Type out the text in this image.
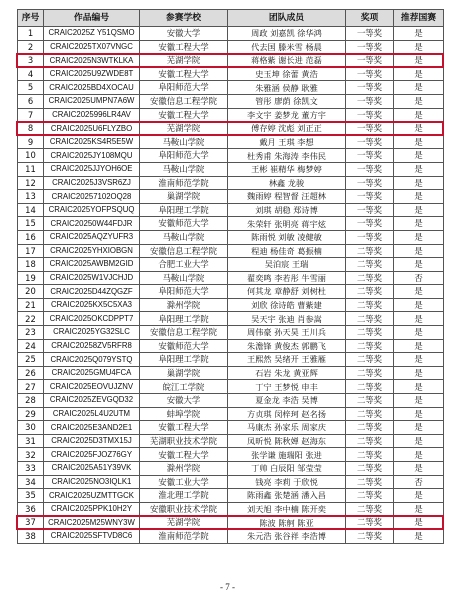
序号	作品编号	参赛学校	团队成员	奖项	推荐国赛
1	CRAIC2025Z Y51QSMO	安徽大学	周政 刘嘉凯 徐华鸿	一等奖	是
2	CRAIC2025TX07VNGC	安徽工程大学	代去国 滕米雪 杨晨	一等奖	是
3	CRAIC2025N3WTKLKA	芜湖学院	蒋格紫 谢长进 范磊	一等奖	是
4	CRAIC2025U9ZWDE8T	安徽工程大学	史玉坤 徐蕾 黄浩	一等奖	是
5	CRAIC2025BD4XOCAU	阜阳师范大学	朱雅涵 侯静 耿雅	一等奖	是
6	CRAIC2025UMPN7A6W	安徽信息工程学院	管彤 廖荫 徐凯文	一等奖	是
7	CRAIC2025996LR4AV	安徽工程大学	李文宇 姜梦龙 董方宇	一等奖	是
8	CRAIC2025U6FLYZBO	芜湖学院	傅存婷 沈彪 刘正正	一等奖	是
9	CRAIC2025KS4R5E5W	马鞍山学院	戴月 王琪 李想	一等奖	是
10	CRAIC2025JY108MQU	阜阳师范大学	杜秀甫 朱海涛 李伟民	一等奖	是
11	CRAIC2025JJYOH6OE	马鞍山学院	王彬 崔精华 梅梦婷	一等奖	是
12	CRAIC2025J3VSR6ZJ	淮南师范学院	林鑫 龙骏	一等奖	是
13	CRAIC20257102OQ28	巢湖学院	魏雨婷 程智督 汪超林	一等奖	是
14	CRAIC2025YOFPSQUQ	阜阳理工学院	刘琪 胡稳 郑诗博	一等奖	是
15	CRAIC20250W44FDJR	安徽师范大学	朱荣轩 张明亮 蒋宇炫	一等奖	是
16	CRAIC2025AQZYUFR3	马鞍山学院	陈雨悦 刘敏 凌健敏	一等奖	是
17	CRAIC2025YHXIOBGN	安徽信息工程学院	程迪 杨佳奇 葛振楠	二等奖	是
18	CRAIC2025AWBM2GID	合肥工业大学	吴泊宸 王瑞	二等奖	是
19	CRAIC2025W1VJCHJD	马鞍山学院	翟奕鸣 李若彤 牛雪丽	二等奖	否
20	CRAIC2025D44ZQGZF	阜阳师范大学	何其龙 章静舒 刘树杜	二等奖	是
21	CRAIC2025KX5C5XA3	滁州学院	刘欣 徐诗皓 曹紫建	二等奖	是
22	CRAIC2025OKCDPPT7	阜阳理工学院	吴天宇 张迪 肖参嵩	二等奖	是
23	CRAIC2025YG32SLC	安徽信息工程学院	周伟豪 孙天昊 王川兵	二等奖	是
24	CRAIC20258ZV5RFR8	安徽师范大学	朱澹锋 黄俊杰 郭鹏飞	二等奖	是
25	CRAIC2025Q079YSTQ	阜阳理工学院	王熙然 吴绪开 王雅雁	二等奖	是
26	CRAIC2025GMU4FCA	巢湖学院	石岩 朱龙 黄亚辉	二等奖	是
27	CRAIC2025EOVUJZNV	皖江工学院	丁宁 王梦悦 申丰	二等奖	是
28	CRAIC2025ZEVGQD32	安徽大学	夏金龙 李浩 吴博	二等奖	是
29	CRAIC2025L4U2UTM	蚌埠学院	方贞琪 闵梓珂 赵名扬	二等奖	是
30	CRAIC2025E3AND2E1	安徽工程大学	马康杰 孙家乐 周家庆	二等奖	是
31	CRAIC2025D3TMX15J	芜湖职业技术学院	凤昕悦 陈秋婵 赵海东	二等奖	是
32	CRAIC2025FJOZ76GY	安徽工程大学	张学谦 施瑞阳 张进	二等奖	是
33	CRAIC2025A51Y39VK	滁州学院	丁帅 白辰阳 邹莹莹	二等奖	是
34	CRAIC2025NO3IQLK1	安徽工业大学	钱亮 李莉 于欣悦	二等奖	否
35	CRAIC2025UZMTTGCK	淮北理工学院	陈雨鑫 张楚涵 潘入昌	二等奖	是
36	CRAIC2025PPK10H2Y	安徽职业技术学院	刘天旭 李中楠 陈开奕	二等奖	是
37	CRAIC2025M25WNY3W	芜湖学院	陈波 陈舸 陈亚	二等奖	是
38	CRAIC2025SFTVD8C6	淮南师范学院	朱元浩 张谷祥 李浩博	二等奖	是
- 7 -
